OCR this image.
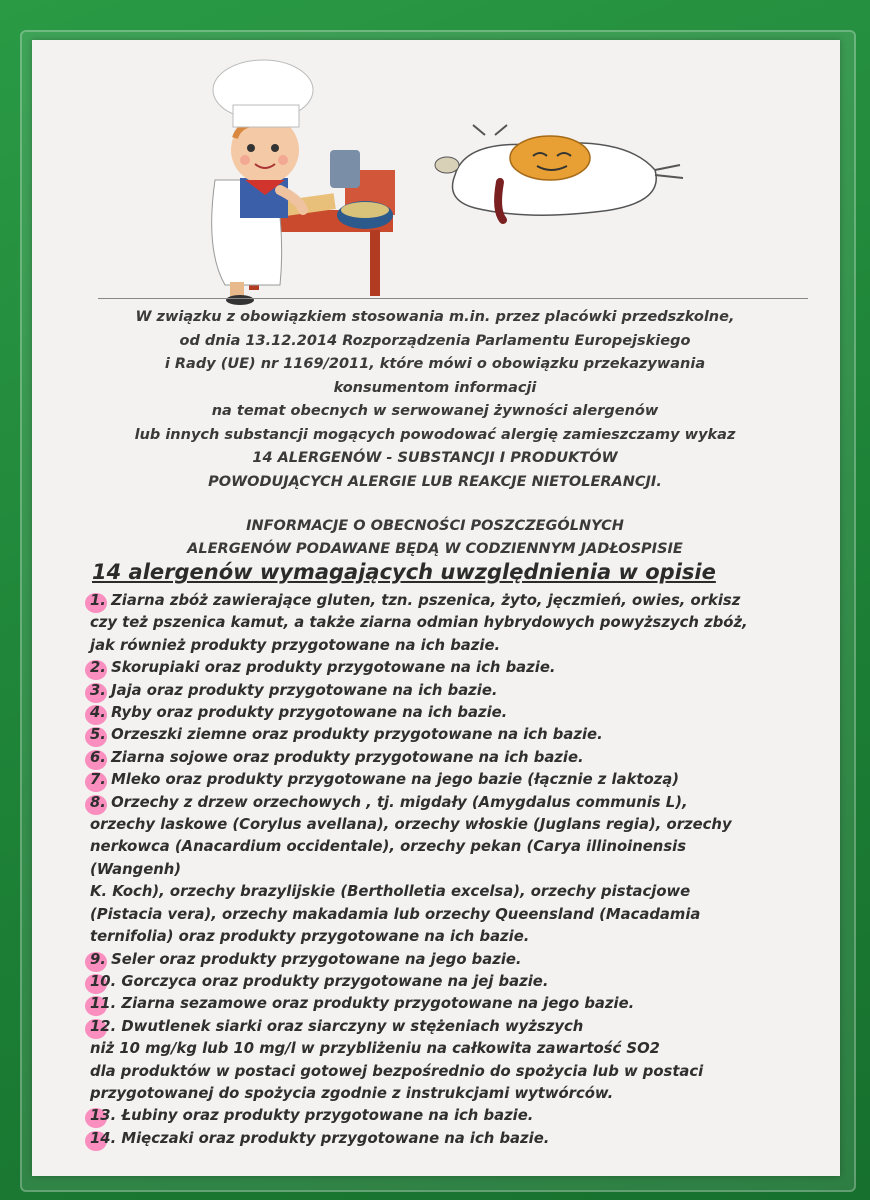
W związku z obowiązkiem stosowania m.in. przez placówki przedszkolne,
od dnia 13.12.2014 Rozporządzenia Parlamentu Europejskiego
i Rady (UE) nr 1169/2011, które mówi o obowiązku przekazywania
konsumentom informacji
na temat obecnych w serwowanej żywności alergenów
lub innych substancji mogących powodować alergię zamieszczamy wykaz
14 ALERGENÓW - SUBSTANCJI I PRODUKTÓW
POWODUJĄCYCH ALERGIE LUB REAKCJE NIETOLERANCJI.
INFORMACJE O OBECNOŚCI POSZCZEGÓLNYCH
ALERGENÓW PODAWANE BĘDĄ W CODZIENNYM JADŁOSPISIE
14 alergenów wymagających uwzględnienia w opisie
1. Ziarna zbóż zawierające gluten, tzn. pszenica, żyto, jęczmień, owies, orkisz
czy też pszenica kamut, a także ziarna odmian hybrydowych powyższych zbóż,
jak również produkty przygotowane na ich bazie.
2. Skorupiaki oraz produkty przygotowane na ich bazie.
3. Jaja oraz produkty przygotowane na ich bazie.
4. Ryby oraz produkty przygotowane na ich bazie.
5. Orzeszki ziemne oraz produkty przygotowane na ich bazie.
6. Ziarna sojowe oraz produkty przygotowane na ich bazie.
7. Mleko oraz produkty przygotowane na jego bazie (łącznie z laktozą)
8. Orzechy z drzew orzechowych , tj. migdały (Amygdalus communis L),
orzechy laskowe (Corylus avellana), orzechy włoskie (Juglans regia), orzechy
nerkowca (Anacardium occidentale), orzechy pekan (Carya illinoinensis
(Wangenh)
K. Koch), orzechy brazylijskie (Bertholletia excelsa), orzechy pistacjowe
(Pistacia vera), orzechy makadamia lub orzechy Queensland (Macadamia
ternifolia) oraz produkty przygotowane na ich bazie.
9. Seler oraz produkty przygotowane na jego bazie.
10. Gorczyca oraz produkty przygotowane na jej bazie.
11. Ziarna sezamowe oraz produkty przygotowane na jego bazie.
12. Dwutlenek siarki oraz siarczyny w stężeniach wyższych
niż 10 mg/kg lub 10 mg/l w przybliżeniu na całkowita zawartość SO2
dla produktów w postaci gotowej bezpośrednio do spożycia lub w postaci
przygotowanej do spożycia zgodnie z instrukcjami wytwórców.
13. Łubiny oraz produkty przygotowane na ich bazie.
14. Mięczaki oraz produkty przygotowane na ich bazie.
